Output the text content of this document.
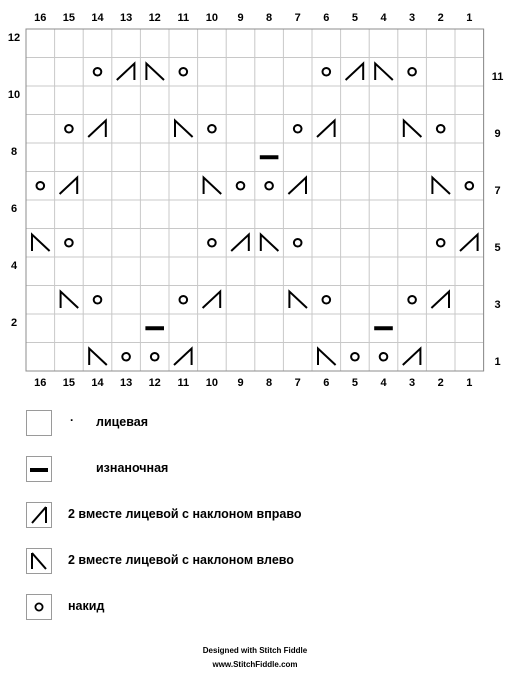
16
16
15
15
14
14
13
13
12
12
11
11
10
10
9
9
8
8
7
7
6
6
5
5
4
4
3
3
2
2
1
1
12
11
10
9
8
7
6
5
4
3
2
1
. лицевая
изнаночная
2 вместе лицевой с наклоном вправо
2 вместе лицевой с наклоном влево
накид
Designed with Stitch Fiddle
www.StitchFiddle.com
